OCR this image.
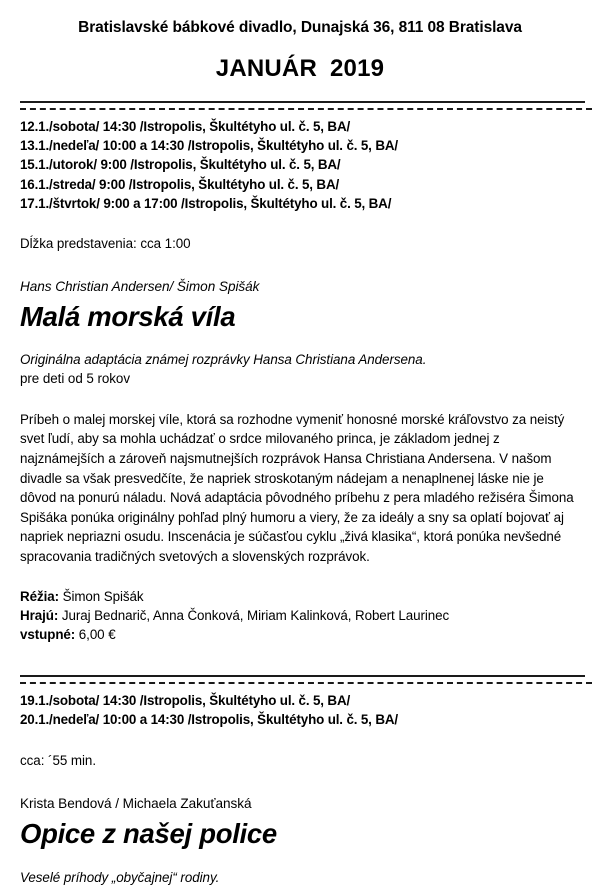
Bratislavské bábkové divadlo, Dunajská 36, 811 08 Bratislava
JANUÁR 2019
12.1./sobota/ 14:30 /Istropolis, Škultétyho ul. č. 5, BA/
13.1./nedeľa/ 10:00 a 14:30 /Istropolis, Škultétyho ul. č. 5, BA/
15.1./utorok/ 9:00 /Istropolis, Škultétyho ul. č. 5, BA/
16.1./streda/ 9:00 /Istropolis, Škultétyho ul. č. 5, BA/
17.1./štvrtok/ 9:00 a 17:00 /Istropolis, Škultétyho ul. č. 5, BA/
Dĺžka predstavenia: cca 1:00
Hans Christian Andersen/ Šimon Spišák
Malá morská víla
Originálna adaptácia známej rozprávky Hansa Christiana Andersena.
pre deti od 5 rokov
Príbeh o malej morskej víle, ktorá sa rozhodne vymeniť honosné morské kráľovstvo za neistý svet ľudí, aby sa mohla uchádzať o srdce milovaného princa, je základom jednej z najznámejších a zároveň najsmutnejších rozprávok Hansa Christiana Andersena. V našom divadle sa však presvedčíte, že napriek stroskotaným nádejam a nenaplnenej láske nie je dôvod na ponurú náladu. Nová adaptácia pôvodného príbehu z pera mladého režiséra Šimona Spišáka ponúka originálny pohľad plný humoru a viery, že za ideály a sny sa oplatí bojovať aj napriek nepriazni osudu. Inscenácia je súčasťou cyklu „živá klasika“, ktorá ponúka nevšedné spracovania tradičných svetových a slovenských rozprávok.
Réžia: Šimon Spišák
Hrajú: Juraj Bednarič, Anna Čonková, Miriam Kalinková, Robert Laurinec
vstupné: 6,00 €
19.1./sobota/ 14:30 /Istropolis, Škultétyho ul. č. 5, BA/
20.1./nedeľa/ 10:00 a 14:30 /Istropolis, Škultétyho ul. č. 5, BA/
cca: ´55 min.
Krista Bendová / Michaela Zakuťanská
Opice z našej police
Veselé príhody „obyčajnej“ rodiny.
